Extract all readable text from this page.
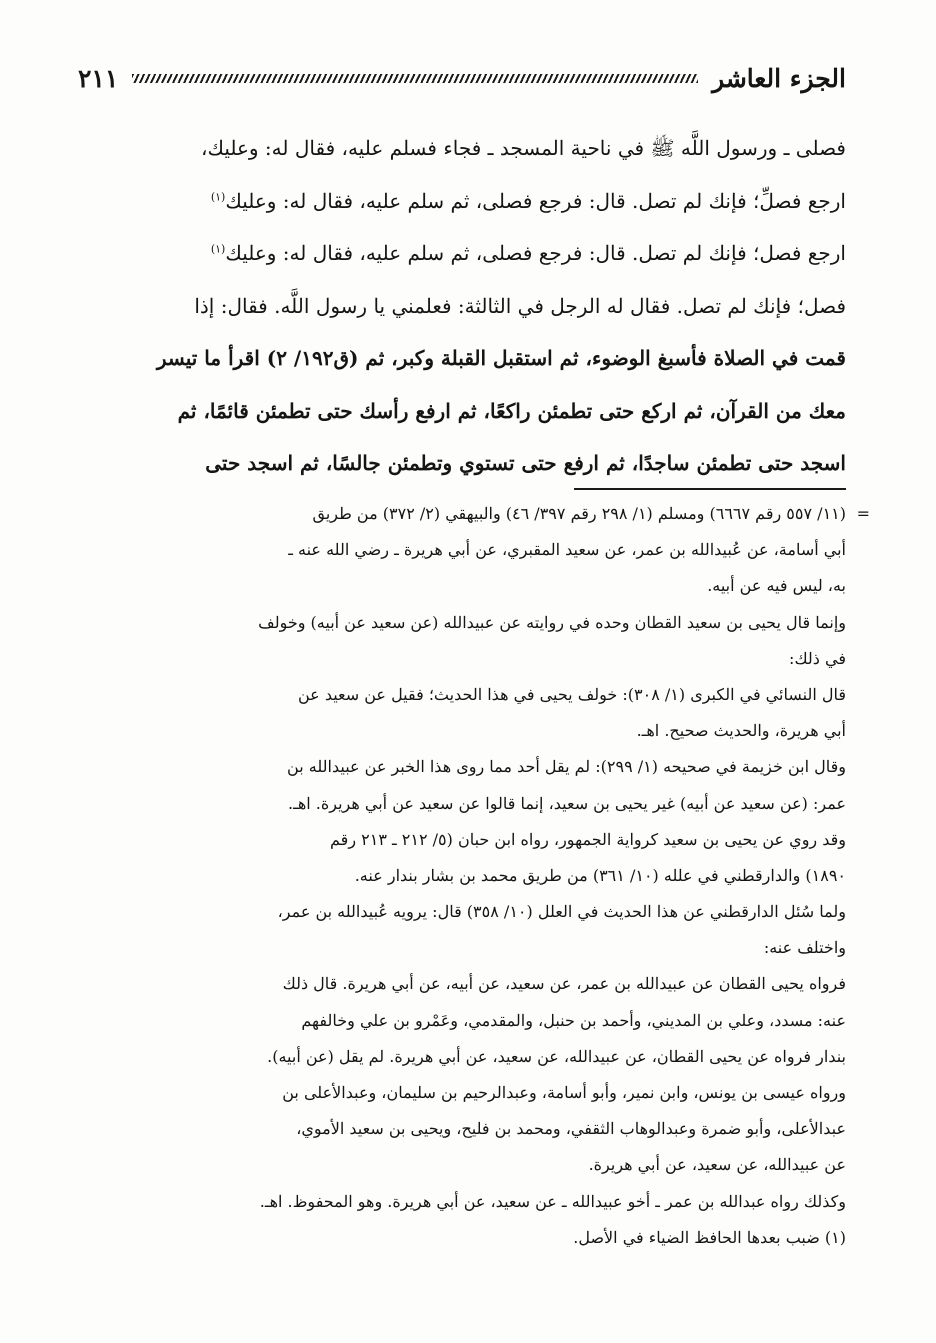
٢١١	الجزء العاشر
فصلى ـ ورسول اللَّه ﷺ في ناحية المسجد ـ فجاء فسلم عليه، فقال له: وعليك،
ارجع فصلِّ؛ فإنك لم تصل. قال: فرجع فصلى، ثم سلم عليه، فقال له: وعليك$^{(١)}$
ارجع فصل؛ فإنك لم تصل. قال: فرجع فصلى، ثم سلم عليه، فقال له: وعليك$^{(١)}$
فصل؛ فإنك لم تصل. فقال له الرجل في الثالثة: فعلمني يا رسول اللَّه. فقال: إذا
قمت في الصلاة فأسبغ الوضوء، ثم استقبل القبلة وكبر، ثم (ق١٩٢/ ٢) اقرأ ما تيسر
معك من القرآن، ثم اركع حتى تطمئن راكعًا، ثم ارفع رأسك حتى تطمئن قائمًا، ثم
اسجد حتى تطمئن ساجدًا، ثم ارفع حتى تستوي وتطمئن جالسًا، ثم اسجد حتى
=
(١١/ ٥٥٧ رقم ٦٦٦٧) ومسلم (١/ ٢٩٨ رقم ٣٩٧/ ٤٦) والبيهقي (٢/ ٣٧٢) من طريق
أبي أسامة، عن عُبيدالله بن عمر، عن سعيد المقبري، عن أبي هريرة ـ رضي الله عنه ـ
به، ليس فيه عن أبيه.
وإنما قال يحيى بن سعيد القطان وحده في روايته عن عبيدالله (عن سعيد عن أبيه) وخولف
في ذلك:
قال النسائي في الكبرى (١/ ٣٠٨): خولف يحيى في هذا الحديث؛ فقيل عن سعيد عن
أبي هريرة، والحديث صحيح. اهـ.
وقال ابن خزيمة في صحيحه (١/ ٢٩٩): لم يقل أحد مما روى هذا الخبر عن عبيدالله بن
عمر: (عن سعيد عن أبيه) غير يحيى بن سعيد، إنما قالوا عن سعيد عن أبي هريرة. اهـ.
وقد روي عن يحيى بن سعيد كرواية الجمهور، رواه ابن حبان (٥/ ٢١٢ ـ ٢١٣ رقم
١٨٩٠) والدارقطني في علله (١٠/ ٣٦١) من طريق محمد بن بشار بندار عنه.
ولما سُئل الدارقطني عن هذا الحديث في العلل (١٠/ ٣٥٨) قال: يرويه عُبيدالله بن عمر،
واختلف عنه:
فرواه يحيى القطان عن عبيدالله بن عمر، عن سعيد، عن أبيه، عن أبي هريرة. قال ذلك
عنه: مسدد، وعلي بن المديني، وأحمد بن حنبل، والمقدمي، وعَمْرو بن علي وخالفهم
بندار فرواه عن يحيى القطان، عن عبيدالله، عن سعيد، عن أبي هريرة. لم يقل (عن أبيه).
ورواه عيسى بن يونس، وابن نمير، وأبو أسامة، وعبدالرحيم بن سليمان، وعبدالأعلى بن
عبدالأعلى، وأبو ضمرة وعبدالوهاب الثقفي، ومحمد بن فليح، ويحيى بن سعيد الأموي،
عن عبيدالله، عن سعيد، عن أبي هريرة.
وكذلك رواه عبدالله بن عمر ـ أخو عبيدالله ـ عن سعيد، عن أبي هريرة. وهو المحفوظ. اهـ.
(١) ضبب بعدها الحافظ الضياء في الأصل.
